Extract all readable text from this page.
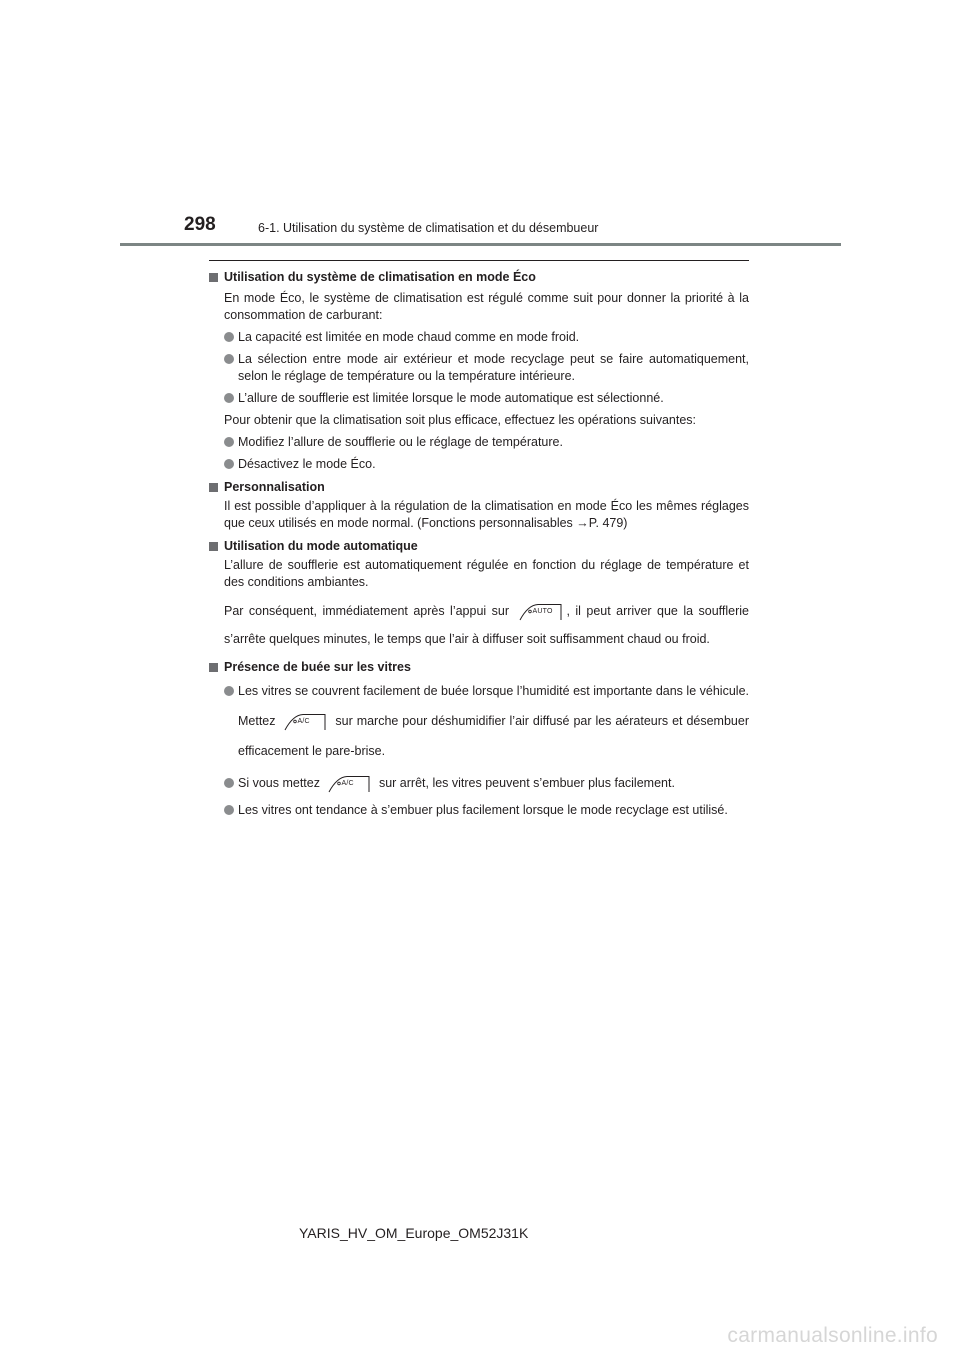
298	6-1. Utilisation du système de climatisation et du désembueur
Utilisation du système de climatisation en mode Éco
En mode Éco, le système de climatisation est régulé comme suit pour donner la priorité à la consommation de carburant:
La capacité est limitée en mode chaud comme en mode froid.
La sélection entre mode air extérieur et mode recyclage peut se faire automatiquement, selon le réglage de température ou la température intérieure.
L’allure de soufflerie est limitée lorsque le mode automatique est sélectionné.
Pour obtenir que la climatisation soit plus efficace, effectuez les opérations suivantes:
Modifiez l’allure de soufflerie ou le réglage de température.
Désactivez le mode Éco.
Personnalisation
Il est possible d’appliquer à la régulation de la climatisation en mode Éco les mêmes réglages que ceux utilisés en mode normal. (Fonctions personnalisables →P. 479)
Utilisation du mode automatique
L’allure de soufflerie est automatiquement régulée en fonction du réglage de température et des conditions ambiantes.
Par conséquent, immédiatement après l’appui sur	AUTO , il peut arriver que la soufflerie s’arrête quelques minutes, le temps que l’air à diffuser soit suffisamment chaud ou froid.
Présence de buée sur les vitres
Les vitres se couvrent facilement de buée lorsque l’humidité est importante dans le véhicule. Mettez	A/C sur marche pour déshumidifier l’air diffusé par les aérateurs et désembuer efficacement le pare-brise.
Si vous mettez	A/C sur arrêt, les vitres peuvent s’embuer plus facilement.
Les vitres ont tendance à s’embuer plus facilement lorsque le mode recyclage est utilisé.
YARIS_HV_OM_Europe_OM52J31K
carmanualsonline.info
